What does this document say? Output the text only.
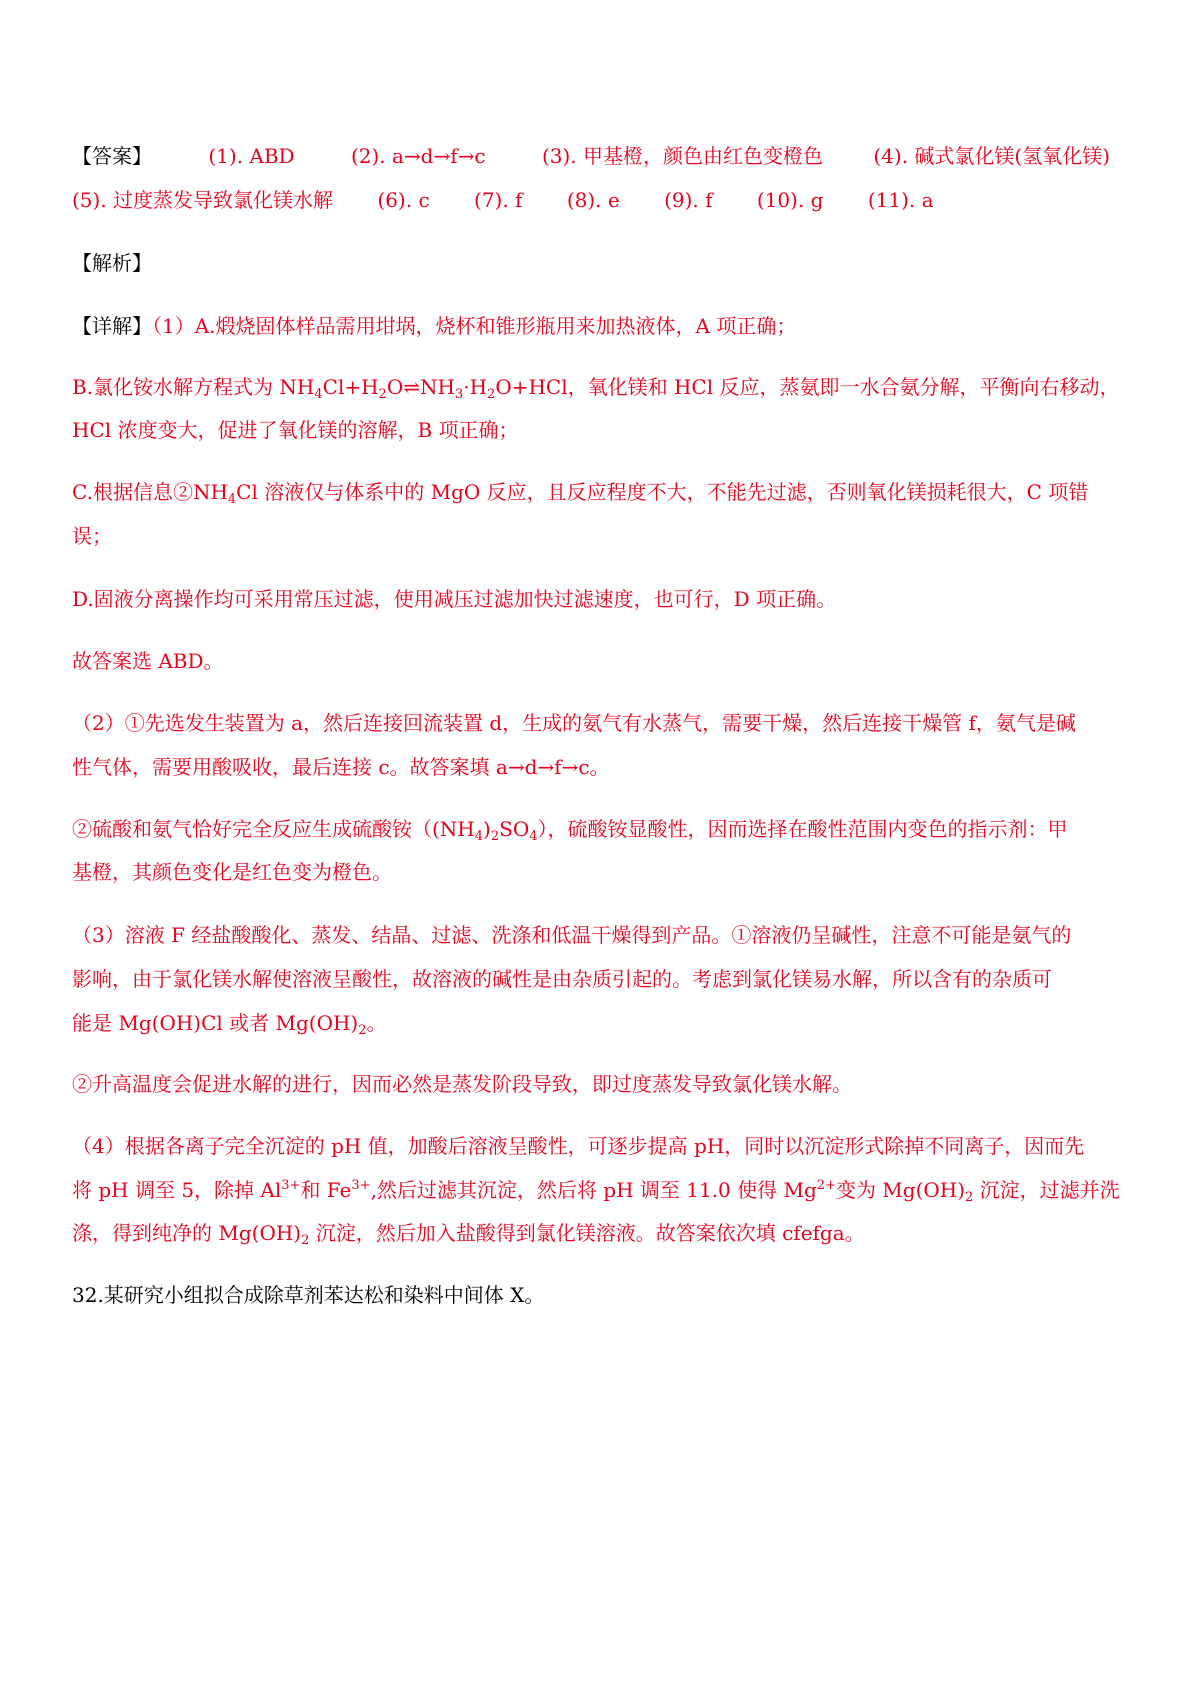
【答案】	(1). ABD	(2). a→d→f→c	(3). 甲基橙，颜色由红色变橙色	(4). 碱式氯化镁(氢氧化镁)
(5). 过度蒸发导致氯化镁水解 (6). c (7). f (8). e (9). f (10). g (11). a
【解析】
【详解】（1）A.煅烧固体样品需用坩埚，烧杯和锥形瓶用来加热液体，A 项正确；
B.氯化铵水解方程式为 $NH_4Cl+H_2O\rightleftharpoons NH_3\cdot H_2O+HCl$，氧化镁和 HCl 反应，蒸氨即一水合氨分解，平衡向右移动，
HCl 浓度变大，促进了氧化镁的溶解，B 项正确；
C.根据信息$②NH_4Cl$ 溶液仅与体系中的 MgO 反应，且反应程度不大，不能先过滤，否则氧化镁损耗很大，C 项错
误；
D.固液分离操作均可采用常压过滤，使用减压过滤加快过滤速度，也可行，D 项正确。
故答案选 ABD。
（2）①先选发生装置为 a，然后连接回流装置 d，生成的氨气有水蒸气，需要干燥，然后连接干燥管 f，氨气是碱
性气体，需要用酸吸收，最后连接 c。故答案填 a→d→f→c。
②硫酸和氨气恰好完全反应生成硫酸铵$((NH_4)_2SO_4)$，硫酸铵显酸性，因而选择在酸性范围内变色的指示剂：甲
基橙，其颜色变化是红色变为橙色。
（3）溶液 F 经盐酸酸化、蒸发、结晶、过滤、洗涤和低温干燥得到产品。①溶液仍呈碱性，注意不可能是氨气的
影响，由于氯化镁水解使溶液呈酸性，故溶液的碱性是由杂质引起的。考虑到氯化镁易水解，所以含有的杂质可
能是 Mg(OH)Cl 或者 $Mg(OH)_2$。
②升高温度会促进水解的进行，因而必然是蒸发阶段导致，即过度蒸发导致氯化镁水解。
（4）根据各离子完全沉淀的 pH 值，加酸后溶液呈酸性，可逐步提高 pH，同时以沉淀形式除掉不同离子，因而先
将 pH 调至 5，除掉 $Al^{3+}$和 $Fe^{3+}$,然后过滤其沉淀，然后将 pH 调至 11.0 使得 $Mg^{2+}$变为 $Mg(OH)_2$ 沉淀，过滤并洗
涤，得到纯净的 $Mg(OH)_2$ 沉淀，然后加入盐酸得到氯化镁溶液。故答案依次填 cfefga。
32.某研究小组拟合成除草剂苯达松和染料中间体 X。
